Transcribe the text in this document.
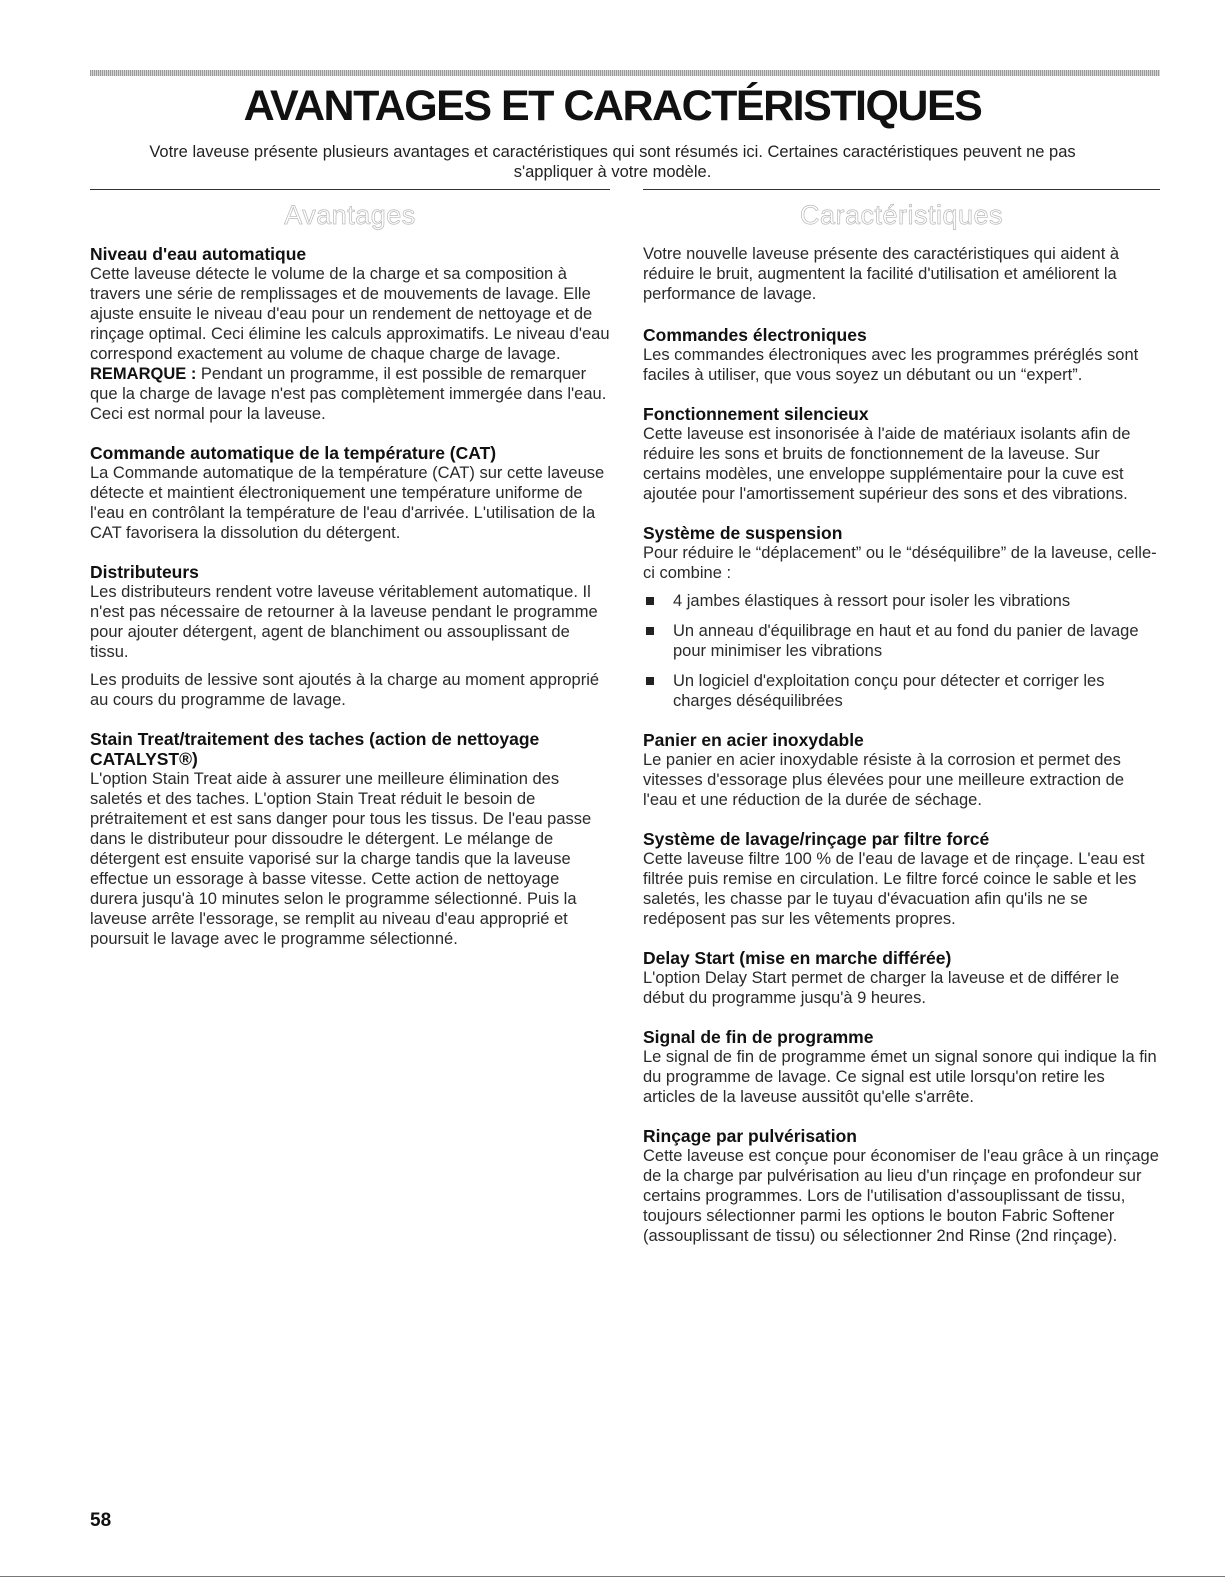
AVANTAGES ET CARACTÉRISTIQUES

Votre laveuse présente plusieurs avantages et caractéristiques qui sont résumés ici. Certaines caractéristiques peuvent ne pas s'appliquer à votre modèle.

Avantages
Niveau d'eau automatique

Cette laveuse détecte le volume de la charge et sa composition à travers une série de remplissages et de mouvements de lavage. Elle ajuste ensuite le niveau d'eau pour un rendement de nettoyage et de rinçage optimal. Ceci élimine les calculs approximatifs. Le niveau d'eau correspond exactement au volume de chaque charge de lavage.

REMARQUE : Pendant un programme, il est possible de remarquer que la charge de lavage n'est pas complètement immergée dans l'eau. Ceci est normal pour la laveuse.

Commande automatique de la température (CAT)

La Commande automatique de la température (CAT) sur cette laveuse détecte et maintient électroniquement une température uniforme de l'eau en contrôlant la température de l'eau d'arrivée. L'utilisation de la CAT favorisera la dissolution du détergent.

Distributeurs

Les distributeurs rendent votre laveuse véritablement automatique. Il n'est pas nécessaire de retourner à la laveuse pendant le programme pour ajouter détergent, agent de blanchiment ou assouplissant de tissu.

Les produits de lessive sont ajoutés à la charge au moment approprié au cours du programme de lavage.

Stain Treat/traitement des taches (action de nettoyage CATALYST®)

L'option Stain Treat aide à assurer une meilleure élimination des saletés et des taches. L'option Stain Treat réduit le besoin de prétraitement et est sans danger pour tous les tissus. De l'eau passe dans le distributeur pour dissoudre le détergent. Le mélange de détergent est ensuite vaporisé sur la charge tandis que la laveuse effectue un essorage à basse vitesse. Cette action de nettoyage durera jusqu'à 10 minutes selon le programme sélectionné. Puis la laveuse arrête l'essorage, se remplit au niveau d'eau approprié et poursuit le lavage avec le programme sélectionné.

Caractéristiques

Votre nouvelle laveuse présente des caractéristiques qui aident à réduire le bruit, augmentent la facilité d'utilisation et améliorent la performance de lavage.

Commandes électroniques

Les commandes électroniques avec les programmes préréglés sont faciles à utiliser, que vous soyez un débutant ou un “expert”.

Fonctionnement silencieux

Cette laveuse est insonorisée à l'aide de matériaux isolants afin de réduire les sons et bruits de fonctionnement de la laveuse. Sur certains modèles, une enveloppe supplémentaire pour la cuve est ajoutée pour l'amortissement supérieur des sons et des vibrations.

Système de suspension

Pour réduire le “déplacement” ou le “déséquilibre” de la laveuse, celle-ci combine :

4 jambes élastiques à ressort pour isoler les vibrations
Un anneau d'équilibrage en haut et au fond du panier de lavage pour minimiser les vibrations
Un logiciel d'exploitation conçu pour détecter et corriger les charges déséquilibrées
Panier en acier inoxydable

Le panier en acier inoxydable résiste à la corrosion et permet des vitesses d'essorage plus élevées pour une meilleure extraction de l'eau et une réduction de la durée de séchage.

Système de lavage/rinçage par filtre forcé

Cette laveuse filtre 100 % de l'eau de lavage et de rinçage. L'eau est filtrée puis remise en circulation. Le filtre forcé coince le sable et les saletés, les chasse par le tuyau d'évacuation afin qu'ils ne se redéposent pas sur les vêtements propres.

Delay Start (mise en marche différée)

L'option Delay Start permet de charger la laveuse et de différer le début du programme jusqu'à 9 heures.

Signal de fin de programme

Le signal de fin de programme émet un signal sonore qui indique la fin du programme de lavage. Ce signal est utile lorsqu'on retire les articles de la laveuse aussitôt qu'elle s'arrête.

Rinçage par pulvérisation

Cette laveuse est conçue pour économiser de l'eau grâce à un rinçage de la charge par pulvérisation au lieu d'un rinçage en profondeur sur certains programmes. Lors de l'utilisation d'assouplissant de tissu, toujours sélectionner parmi les options le bouton Fabric Softener (assouplissant de tissu) ou sélectionner 2nd Rinse (2nd rinçage).

58
